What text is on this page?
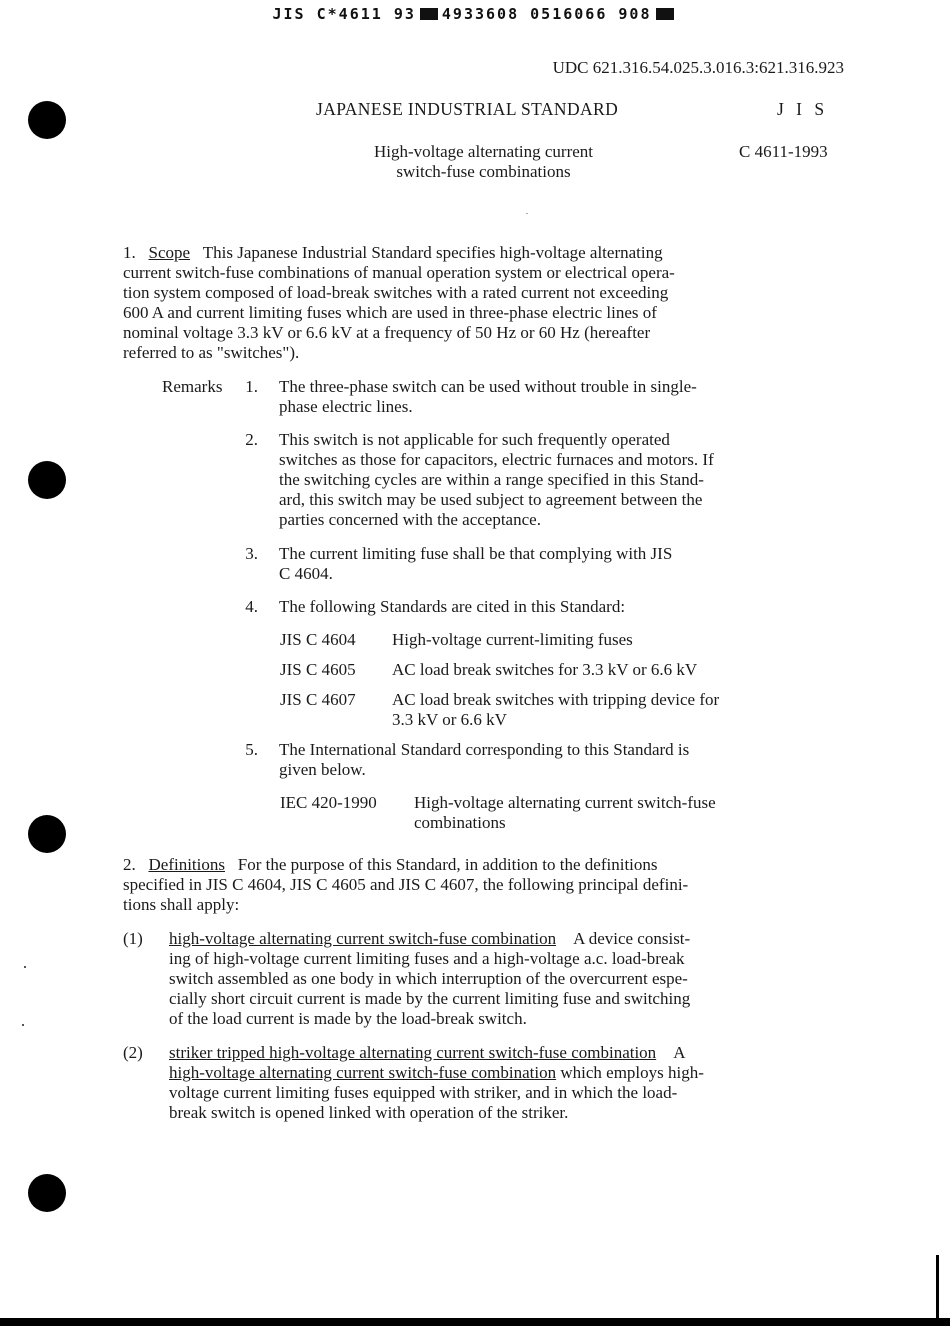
JIS C*4611 93 4933608 0516066 908
UDC 621.316.54.025.3.016.3:621.316.923
JAPANESE INDUSTRIAL STANDARD	J I S
High-voltage alternating current
switch-fuse combinations
C 4611-1993
1. Scope This Japanese Industrial Standard specifies high-voltage alternating
current switch-fuse combinations of manual operation system or electrical opera-
tion system composed of load-break switches with a rated current not exceeding
600 A and current limiting fuses which are used in three-phase electric lines of
nominal voltage 3.3 kV or 6.6 kV at a frequency of 50 Hz or 60 Hz (hereafter
referred to as "switches").
Remarks	1. The three-phase switch can be used without trouble in single-
phase electric lines.
2. This switch is not applicable for such frequently operated
switches as those for capacitors, electric furnaces and motors. If
the switching cycles are within a range specified in this Stand-
ard, this switch may be used subject to agreement between the
parties concerned with the acceptance.
3. The current limiting fuse shall be that complying with JIS
C 4604.
4. The following Standards are cited in this Standard:
JIS C 4604 High-voltage current-limiting fuses
JIS C 4605 AC load break switches for 3.3 kV or 6.6 kV
JIS C 4607 AC load break switches with tripping device for
3.3 kV or 6.6 kV
5. The International Standard corresponding to this Standard is
given below.
IEC 420-1990 High-voltage alternating current switch-fuse
combinations
2. Definitions For the purpose of this Standard, in addition to the definitions
specified in JIS C 4604, JIS C 4605 and JIS C 4607, the following principal defini-
tions shall apply:
(1) high-voltage alternating current switch-fuse combination A device consist-
ing of high-voltage current limiting fuses and a high-voltage a.c. load-break
switch assembled as one body in which interruption of the overcurrent espe-
cially short circuit current is made by the current limiting fuse and switching
of the load current is made by the load-break switch.
(2) striker tripped high-voltage alternating current switch-fuse combination A
high-voltage alternating current switch-fuse combination which employs high-
voltage current limiting fuses equipped with striker, and in which the load-
break switch is opened linked with operation of the striker.
